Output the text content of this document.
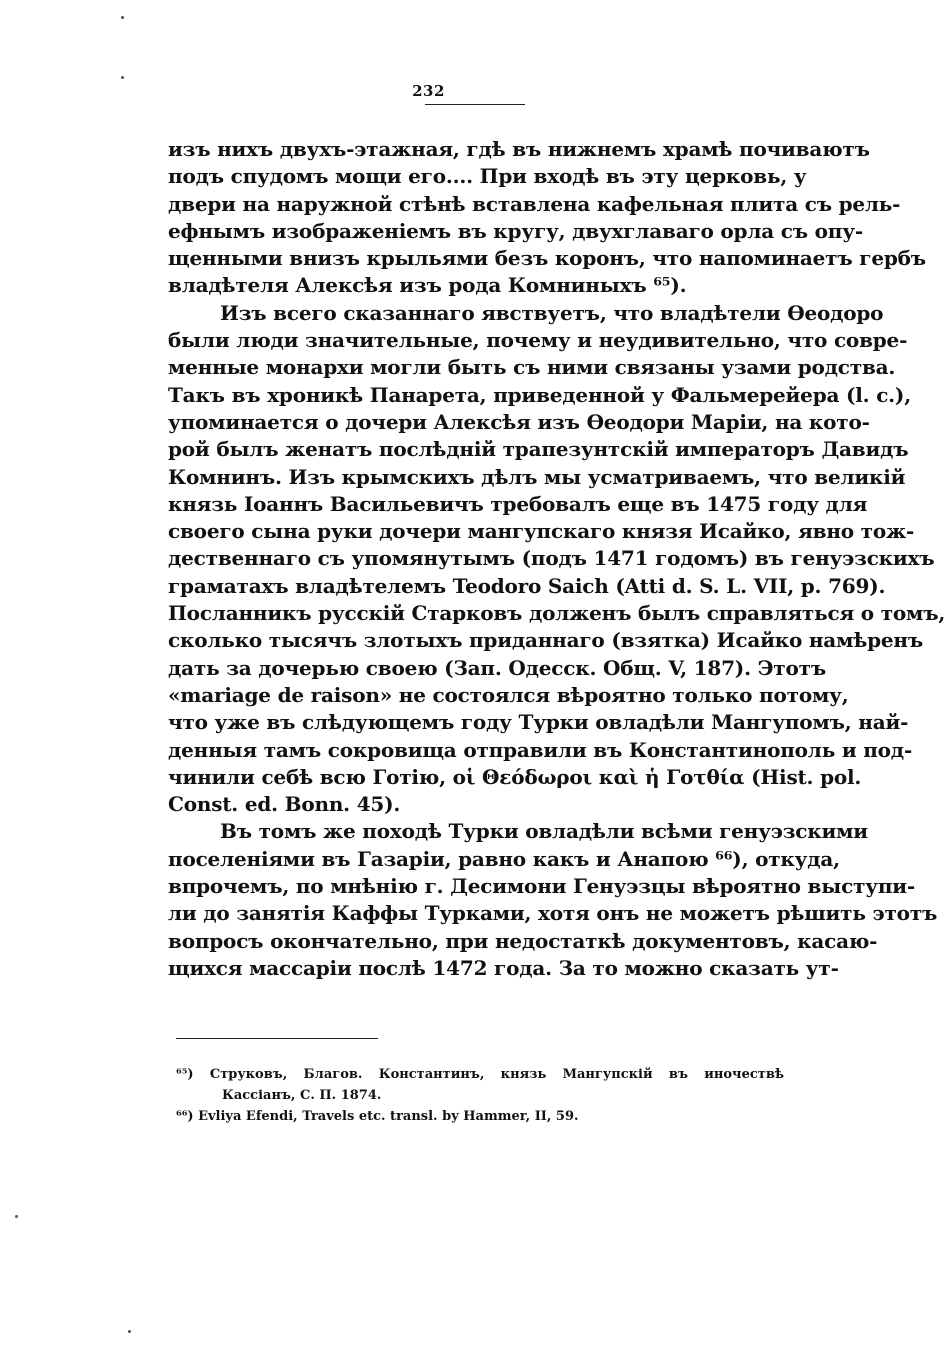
232
изъ нихъ двухъ-этажная, гдѣ въ нижнемъ храмѣ почиваютъ
подъ спудомъ мощи его.... При входѣ въ эту церковь, у
двери на наружной стѣнѣ вставлена кафельная плита съ рель-
ефнымъ изображеніемъ въ кругу, двухглаваго орла съ опу-
щенными внизъ крыльями безъ коронъ, что напоминаетъ гербъ
владѣтеля Алексѣя изъ рода Комниныхъ ⁶⁵).
Изъ всего сказаннаго явствуетъ, что владѣтели Ѳеодоро
были люди значительные, почему и неудивительно, что совре-
менные монархи могли быть съ ними связаны узами родства.
Такъ въ хроникѣ Панарета, приведенной у Фальмерейера (l. c.),
упоминается о дочери Алексѣя изъ Ѳеодори Маріи, на кото-
рой былъ женатъ послѣдній трапезунтскій императоръ Давидъ
Комнинъ. Изъ крымскихъ дѣлъ мы усматриваемъ, что великій
князь Іоаннъ Васильевичъ требовалъ еще въ 1475 году для
своего сына руки дочери мангупскаго князя Исайко, явно тож-
дественнаго съ упомянутымъ (подъ 1471 годомъ) въ генуэзскихъ
граматахъ владѣтелемъ Teodoro Saich (Atti d. S. L. VII, p. 769).
Посланникъ русскій Старковъ долженъ былъ справляться о томъ,
сколько тысячъ злотыхъ приданнаго (взятка) Исайко намѣренъ
дать за дочерью своею (Зап. Одесск. Общ. V, 187). Этотъ
«mariage de raison» не состоялся вѣроятно только потому,
что уже въ слѣдующемъ году Турки овладѣли Мангупомъ, най-
денныя тамъ сокровища отправили въ Константинополь и под-
чинили себѣ всю Готію, οἱ Θεόδωροι καὶ ἡ Γοτθία (Hist. pol.
Const. ed. Bonn. 45).
Въ томъ же походѣ Турки овладѣли всѣми генуэзскими
поселеніями въ Газаріи, равно какъ и Анапою ⁶⁶), откуда,
впрочемъ, по мнѣнію г. Десимони Генуэзцы вѣроятно выступи-
ли до занятія Каффы Турками, хотя онъ не можетъ рѣшить этотъ
вопросъ окончательно, при недостаткѣ документовъ, касаю-
щихся массаріи послѣ 1472 года. За то можно сказать ут-
⁶⁵) Струковъ, Благов. Константинъ, князь Мангупскій въ иночествѣ
Кассіанъ, С. П. 1874.
⁶⁶) Evliya Efendi, Travels etc. transl. by Hammer, II, 59.
